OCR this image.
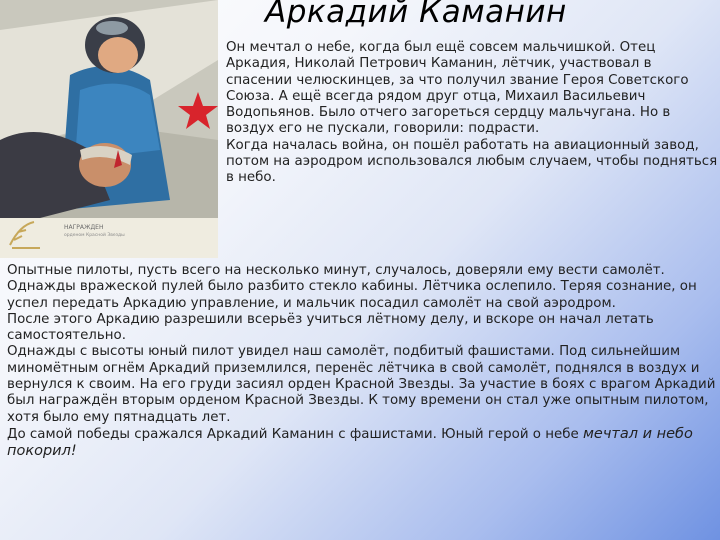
Аркадий Каманин
НАГРАЖДЕН
орденом Красной Звезды

Он мечтал о небе, когда был ещё совсем мальчишкой. Отец Аркадия, Николай Петрович Каманин, лётчик, участвовал в спасении челюскинцев, за что получил звание Героя Советского Союза. А ещё всегда рядом друг отца, Михаил Васильевич Водопьянов. Было отчего загореться сердцу мальчугана. Но в воздух его не пускали, говорили: подрасти.
Когда началась война, он пошёл работать на авиационный завод, потом на аэродром использовался любым случаем, чтобы подняться в небо.

Опытные пилоты, пусть всего на несколько минут, случалось, доверяли ему вести самолёт. Однажды вражеской пулей было разбито стекло кабины. Лётчика ослепило. Теряя сознание, он успел передать Аркадию управление, и мальчик посадил самолёт на свой аэродром.
После этого Аркадию разрешили всерьёз учиться лётному делу, и вскоре он начал летать самостоятельно.
Однажды с высоты юный пилот увидел наш самолёт, подбитый фашистами. Под сильнейшим миномётным огнём Аркадий приземлился, перенёс лётчика в свой самолёт, поднялся в воздух и вернулся к своим. На его груди засиял орден Красной Звезды. За участие в боях с врагом Аркадий был награждён вторым орденом Красной Звезды. К тому времени он стал уже опытным пилотом, хотя было ему пятнадцать лет.
До самой победы сражался Аркадий Каманин с фашистами. Юный герой о небе мечтал и небо покорил!
